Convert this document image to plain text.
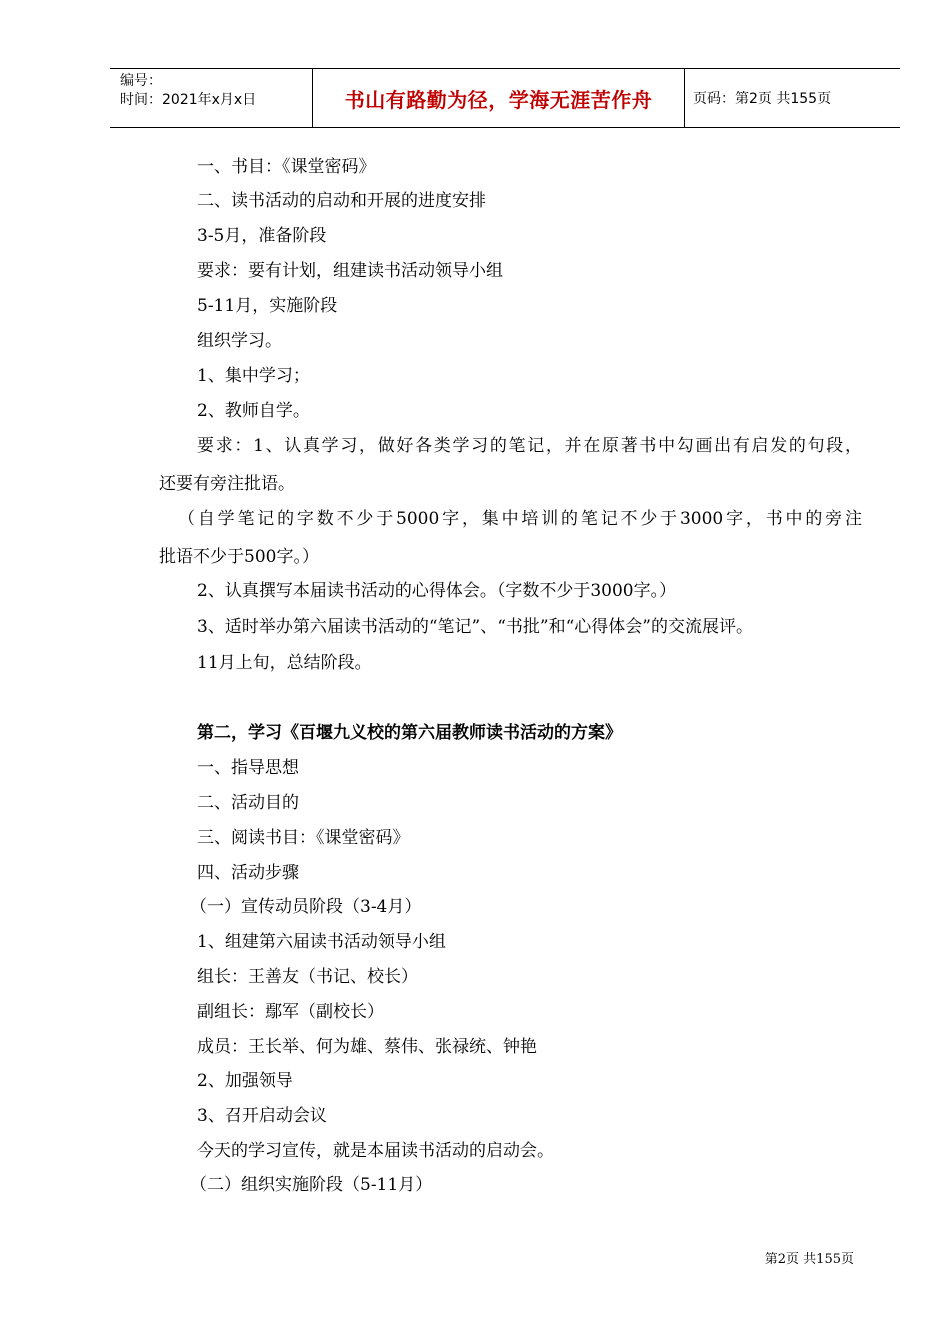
编号：
时间：2021年x月x日	书山有路勤为径，学海无涯苦作舟	页码：第2页 共155页
一、书目：《课堂密码》
二、读书活动的启动和开展的进度安排
3-5月，准备阶段
要求：要有计划，组建读书活动领导小组
5-11月，实施阶段
组织学习。
1、集中学习；
2、教师自学。
要求：1、认真学习，做好各类学习的笔记，并在原著书中勾画出有启发的句段，
还要有旁注批语。
（自学笔记的字数不少于5000字，集中培训的笔记不少于3000字，书中的旁注
批语不少于500字。）
2、认真撰写本届读书活动的心得体会。（字数不少于3000字。）
3、适时举办第六届读书活动的“笔记”、“书批”和“心得体会”的交流展评。
11月上旬，总结阶段。
第二，学习《百堰九义校的第六届教师读书活动的方案》
一、指导思想
二、活动目的
三、阅读书目：《课堂密码》
四、活动步骤
（一）宣传动员阶段（3-4月）
1、组建第六届读书活动领导小组
组长：王善友（书记、校长）
副组长：鄢军（副校长）
成员：王长举、何为雄、蔡伟、张禄统、钟艳
2、加强领导
3、召开启动会议
今天的学习宣传，就是本届读书活动的启动会。
（二）组织实施阶段（5-11月）
第2页 共155页
